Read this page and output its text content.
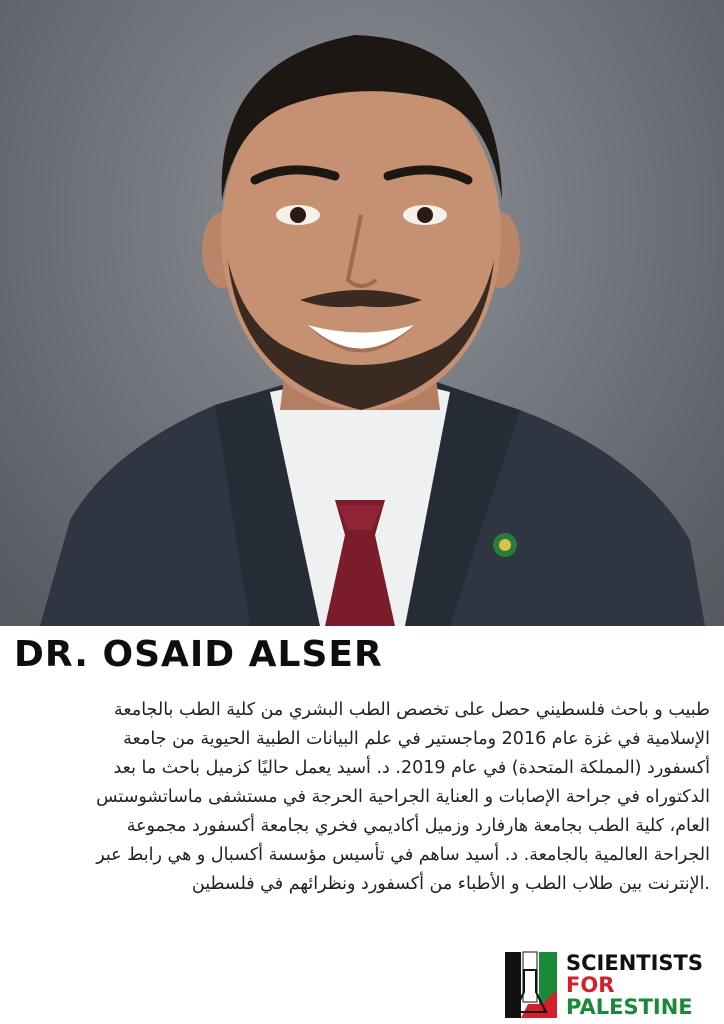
DR. OSAID ALSER

طبيب و باحث فلسطيني حصل على تخصص الطب البشري من كلية الطب بالجامعة
الإسلامية في غزة عام 2016 وماجستير في علم البيانات الطبية الحيوية من جامعة
أكسفورد (المملكة المتحدة) في عام 2019. د. أسيد يعمل حاليًا كزميل باحث ما بعد
الدكتوراه في جراحة الإصابات و العناية الجراحية الحرجة في مستشفى ماساتشوستس
العام، كلية الطب بجامعة هارفارد وزميل أكاديمي فخري بجامعة أكسفورد مجموعة
الجراحة العالمية بالجامعة. د. أسيد ساهم في تأسيس مؤسسة أكسبال و هي رابط عبر
.الإنترنت بين طلاب الطب و الأطباء من أكسفورد ونظرائهم في فلسطين

SCIENTISTS
FOR
PALESTINE
